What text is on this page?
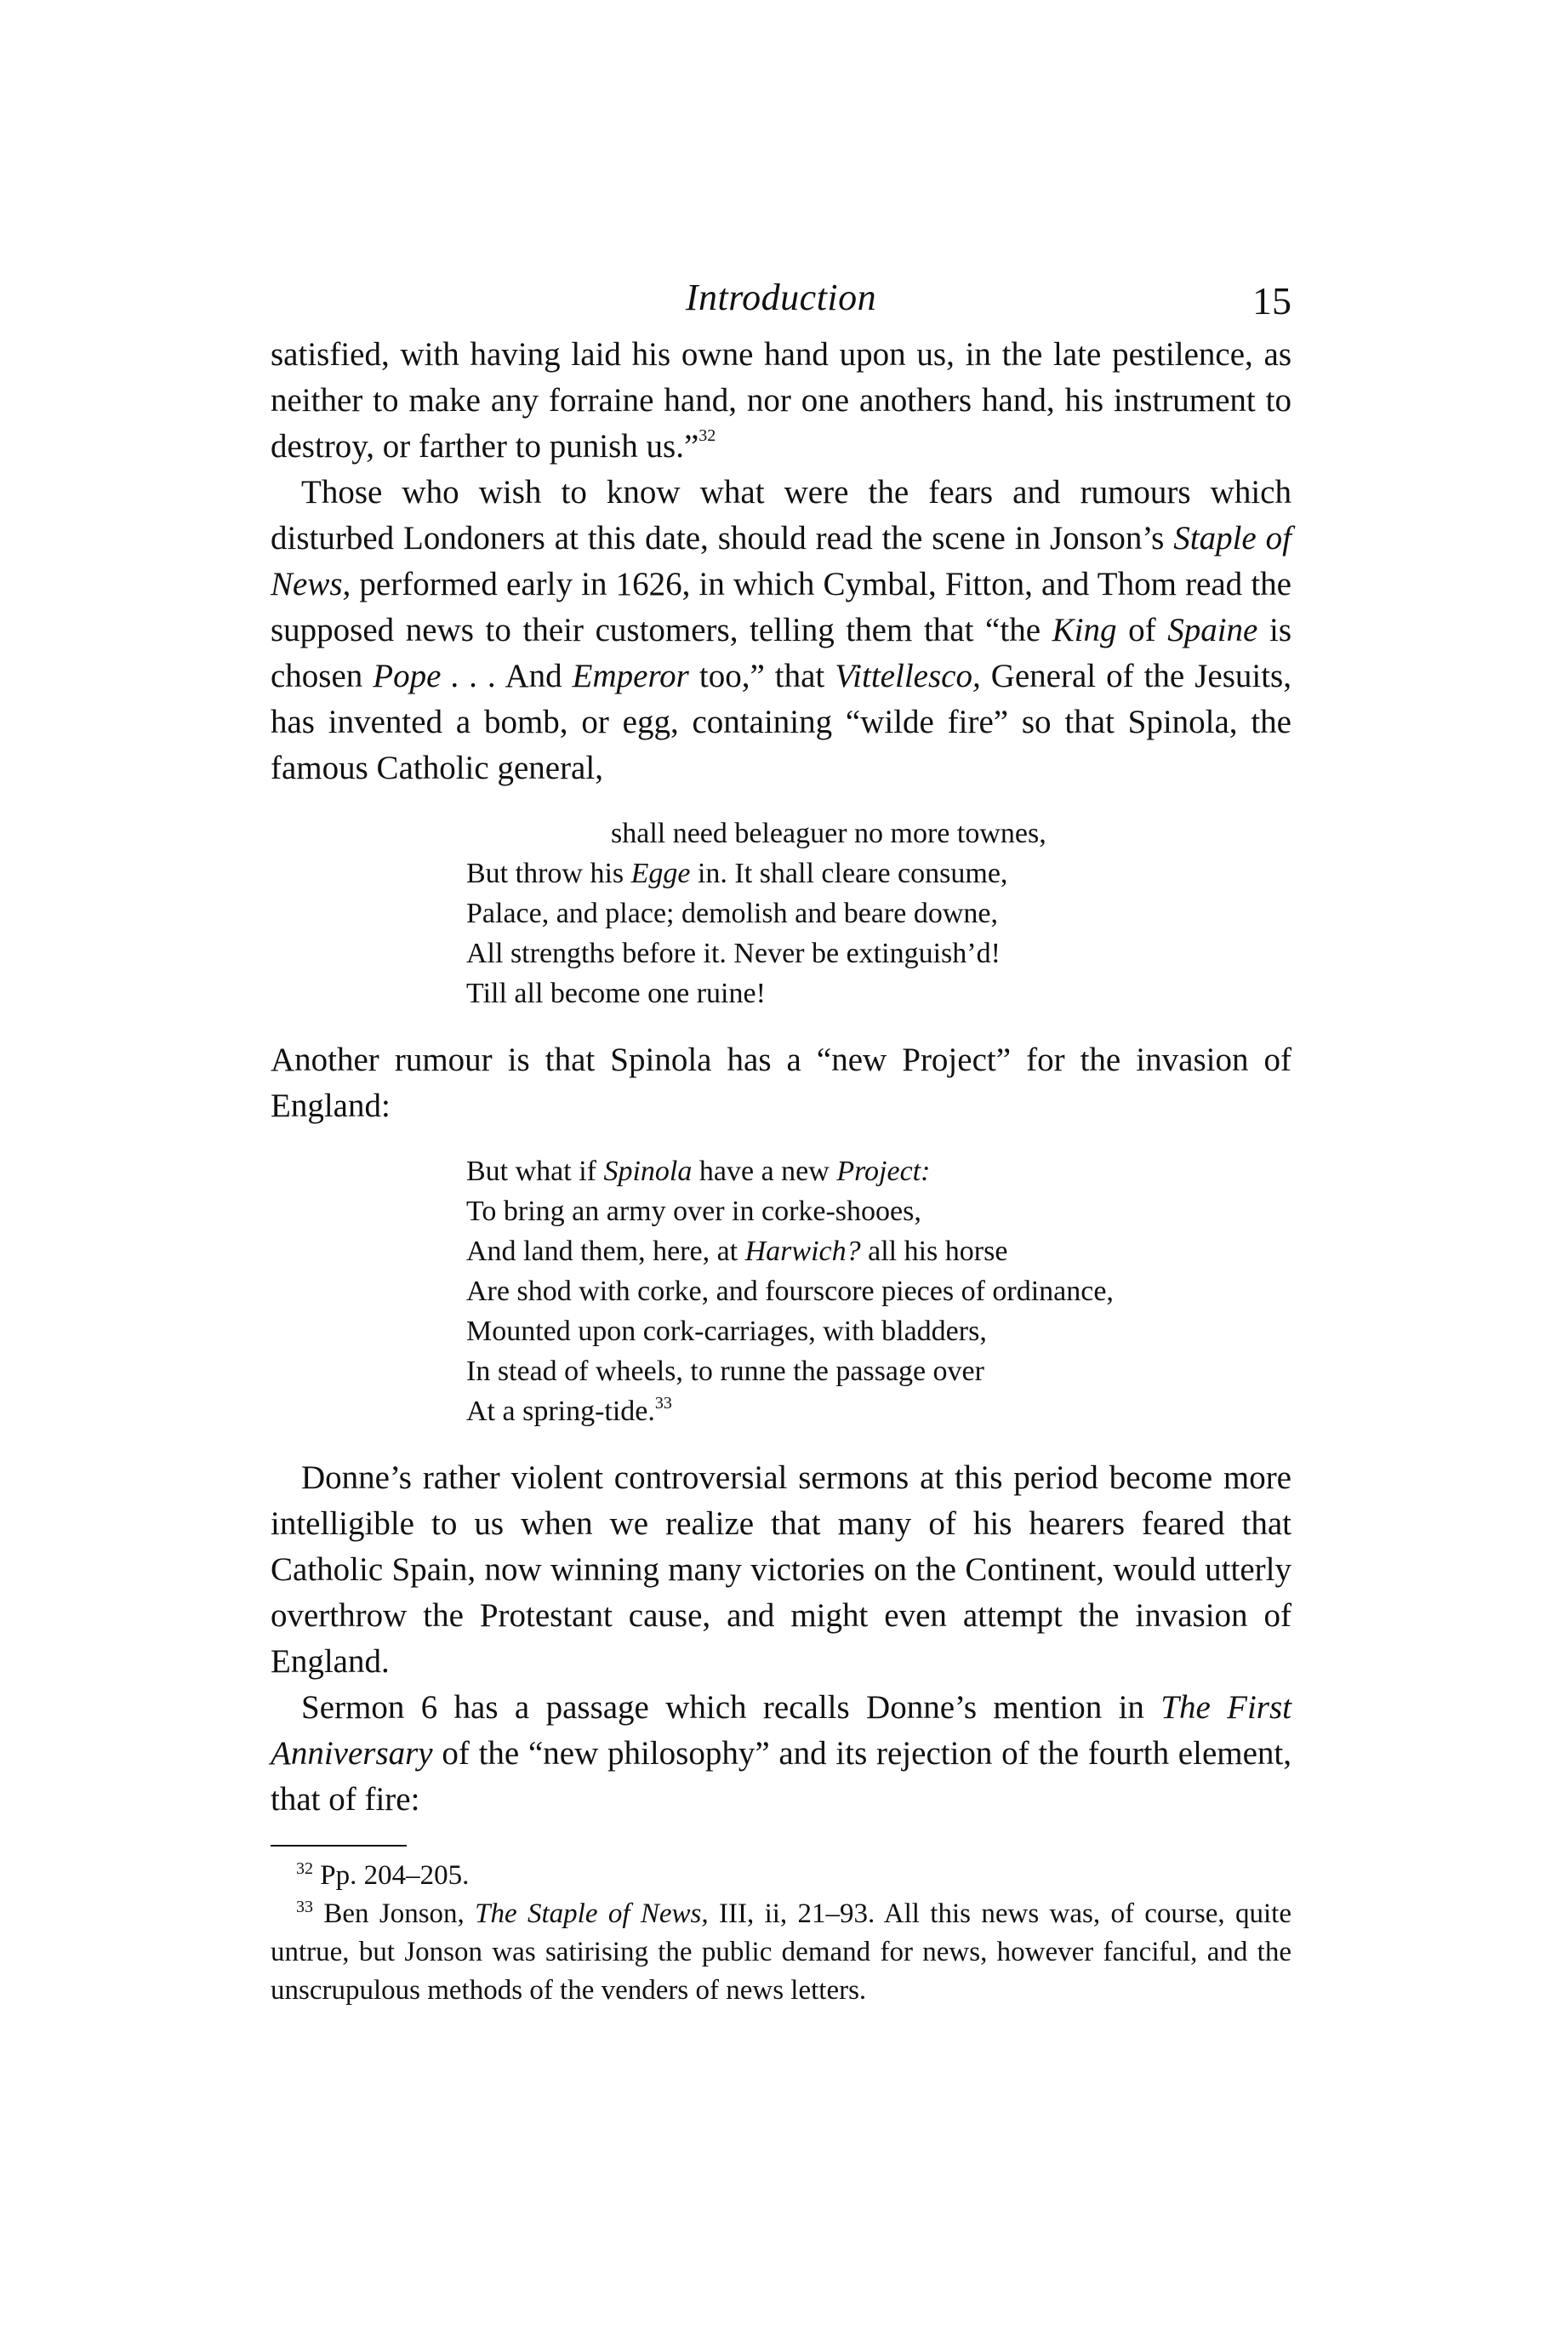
Introduction	15

satisfied, with having laid his owne hand upon us, in the late pestilence, as neither to make any forraine hand, nor one anothers hand, his instrument to destroy, or farther to punish us.”$^{32}$

Those who wish to know what were the fears and rumours which disturbed Londoners at this date, should read the scene in Jonson’s Staple of News, performed early in 1626, in which Cymbal, Fitton, and Thom read the supposed news to their customers, telling them that “the King of Spaine is chosen Pope . . . And Emperor too,” that Vittellesco, General of the Jesuits, has invented a bomb, or egg, containing “wilde fire” so that Spinola, the famous Catholic general,

shall need beleaguer no more townes,
But throw his Egge in. It shall cleare consume,
Palace, and place; demolish and beare downe,
All strengths before it. Never be extinguish’d!
Till all become one ruine!

Another rumour is that Spinola has a “new Project” for the invasion of England:

But what if Spinola have a new Project:
To bring an army over in corke-shooes,
And land them, here, at Harwich? all his horse
Are shod with corke, and fourscore pieces of ordinance,
Mounted upon cork-carriages, with bladders,
In stead of wheels, to runne the passage over
At a spring-tide.$^{33}$

Donne’s rather violent controversial sermons at this period become more intelligible to us when we realize that many of his hearers feared that Catholic Spain, now winning many victories on the Continent, would utterly overthrow the Protestant cause, and might even attempt the invasion of England.

Sermon 6 has a passage which recalls Donne’s mention in The First Anniversary of the “new philosophy” and its rejection of the fourth element, that of fire:

$^{32}$ Pp. 204–205.

$^{33}$ Ben Jonson, The Staple of News, III, ii, 21–93. All this news was, of course, quite untrue, but Jonson was satirising the public demand for news, however fanciful, and the unscrupulous methods of the venders of news letters.
